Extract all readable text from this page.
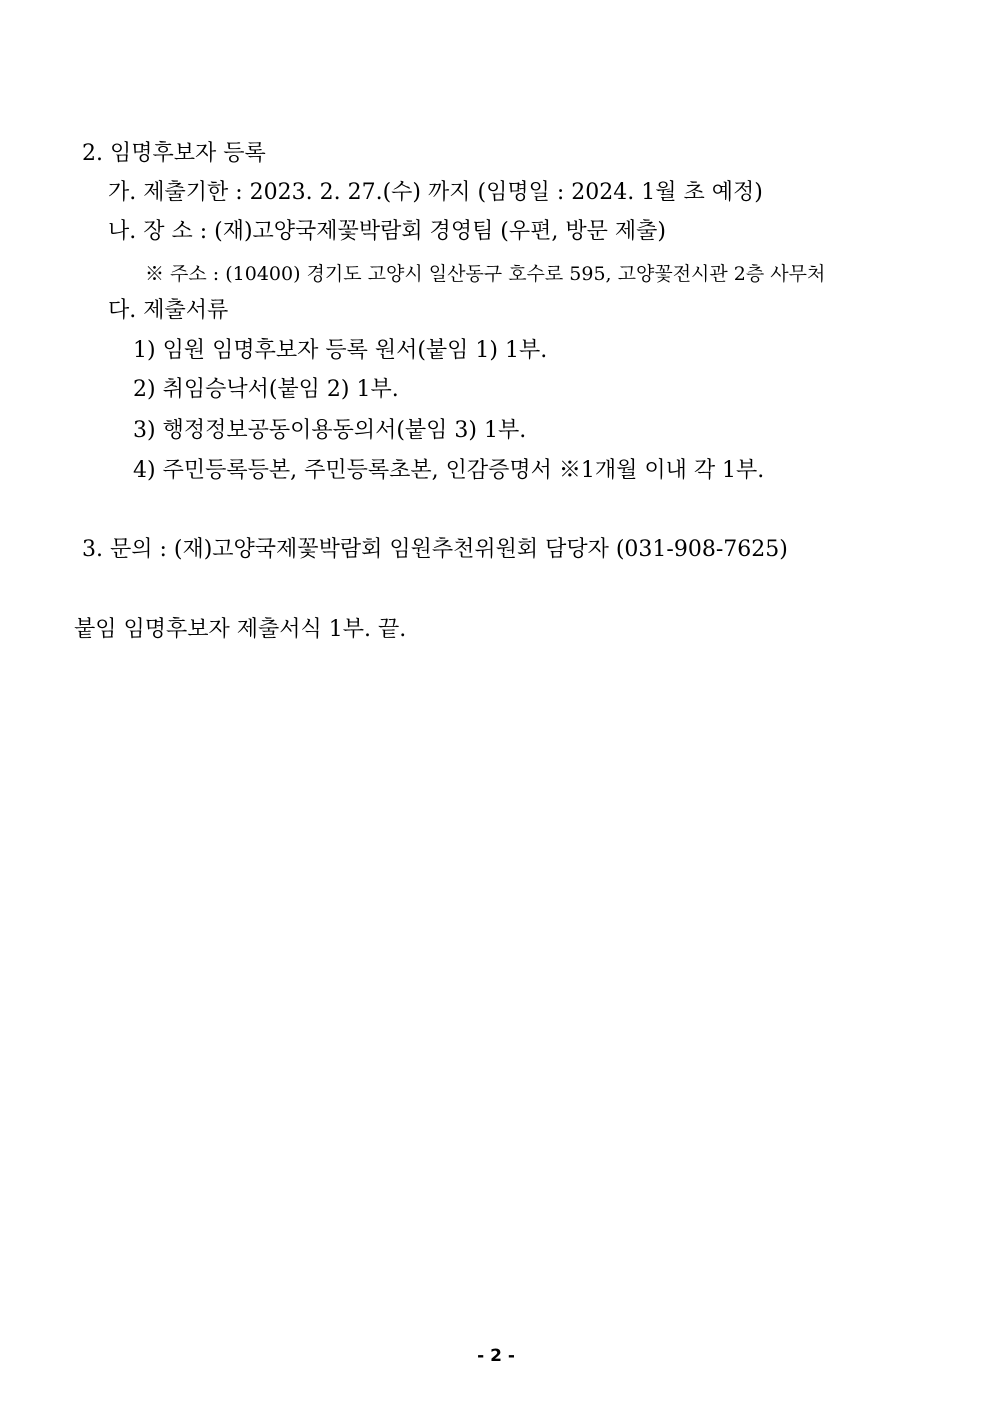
2. 임명후보자 등록
가. 제출기한 : 2023. 2. 27.(수) 까지 (임명일 : 2024. 1월 초 예정)
나. 장 소 : (재)고양국제꽃박람회 경영팀 (우편, 방문 제출)
※ 주소 : (10400) 경기도 고양시 일산동구 호수로 595, 고양꽃전시관 2층 사무처
다. 제출서류
1) 임원 임명후보자 등록 원서(붙임 1) 1부.
2) 취임승낙서(붙임 2) 1부.
3) 행정정보공동이용동의서(붙임 3) 1부.
4) 주민등록등본, 주민등록초본, 인감증명서 ※1개월 이내 각 1부.
3. 문의 : (재)고양국제꽃박람회 임원추천위원회 담당자 (031-908-7625)
붙임 임명후보자 제출서식 1부. 끝.
- 2 -
